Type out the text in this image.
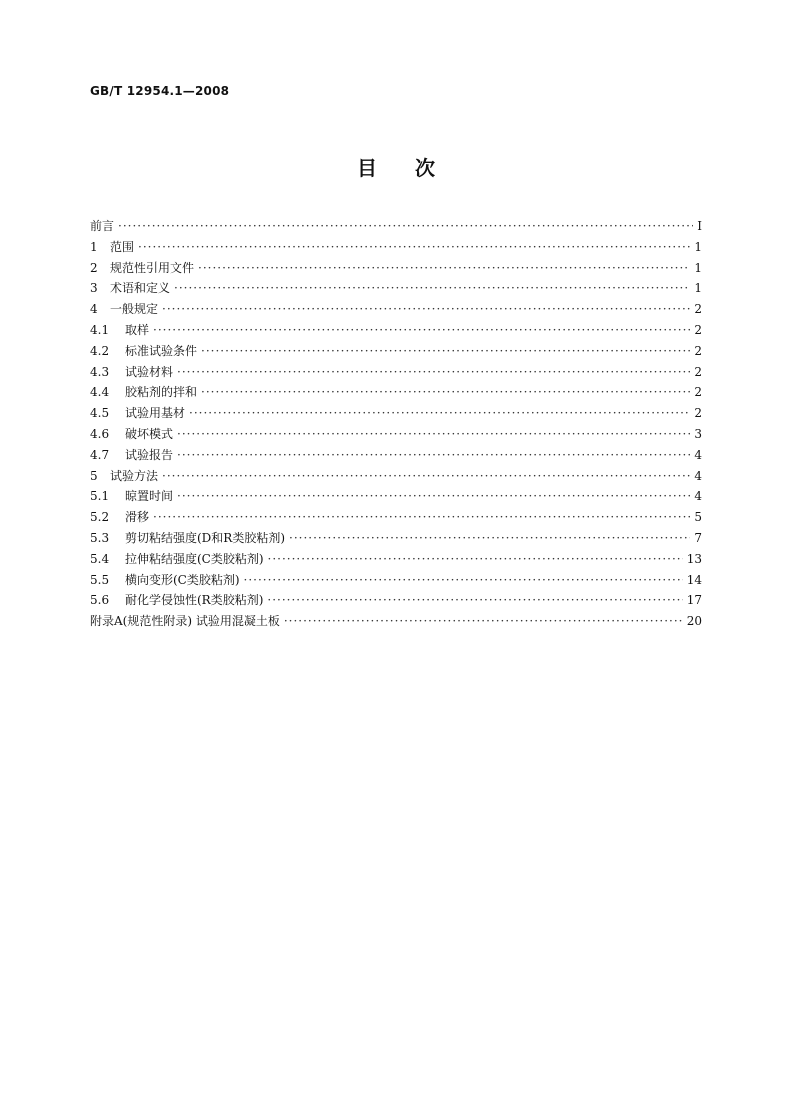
GB/T 12954.1—2008
目次
前言 ·····	Ⅰ
1 范围 ·····	1
2 规范性引用文件 ·····	1
3 术语和定义 ·····	1
4 一般规定 ·····	2
4.1	取样 ·····	2
4.2	标准试验条件 ·····	2
4.3	试验材料 ·····	2
4.4	胶粘剂的拌和 ·····	2
4.5	试验用基材 ·····	2
4.6	破坏模式 ·····	3
4.7	试验报告 ·····	4
5 试验方法 ·····	4
5.1	晾置时间 ·····	4
5.2	滑移 ·····	5
5.3	剪切粘结强度(D和R类胶粘剂) ·····	7
5.4	拉伸粘结强度(C类胶粘剂) ·····	13
5.5	横向变形(C类胶粘剂) ·····	14
5.6	耐化学侵蚀性(R类胶粘剂) ·····	17
附录A(规范性附录) 试验用混凝土板 ·····	20
